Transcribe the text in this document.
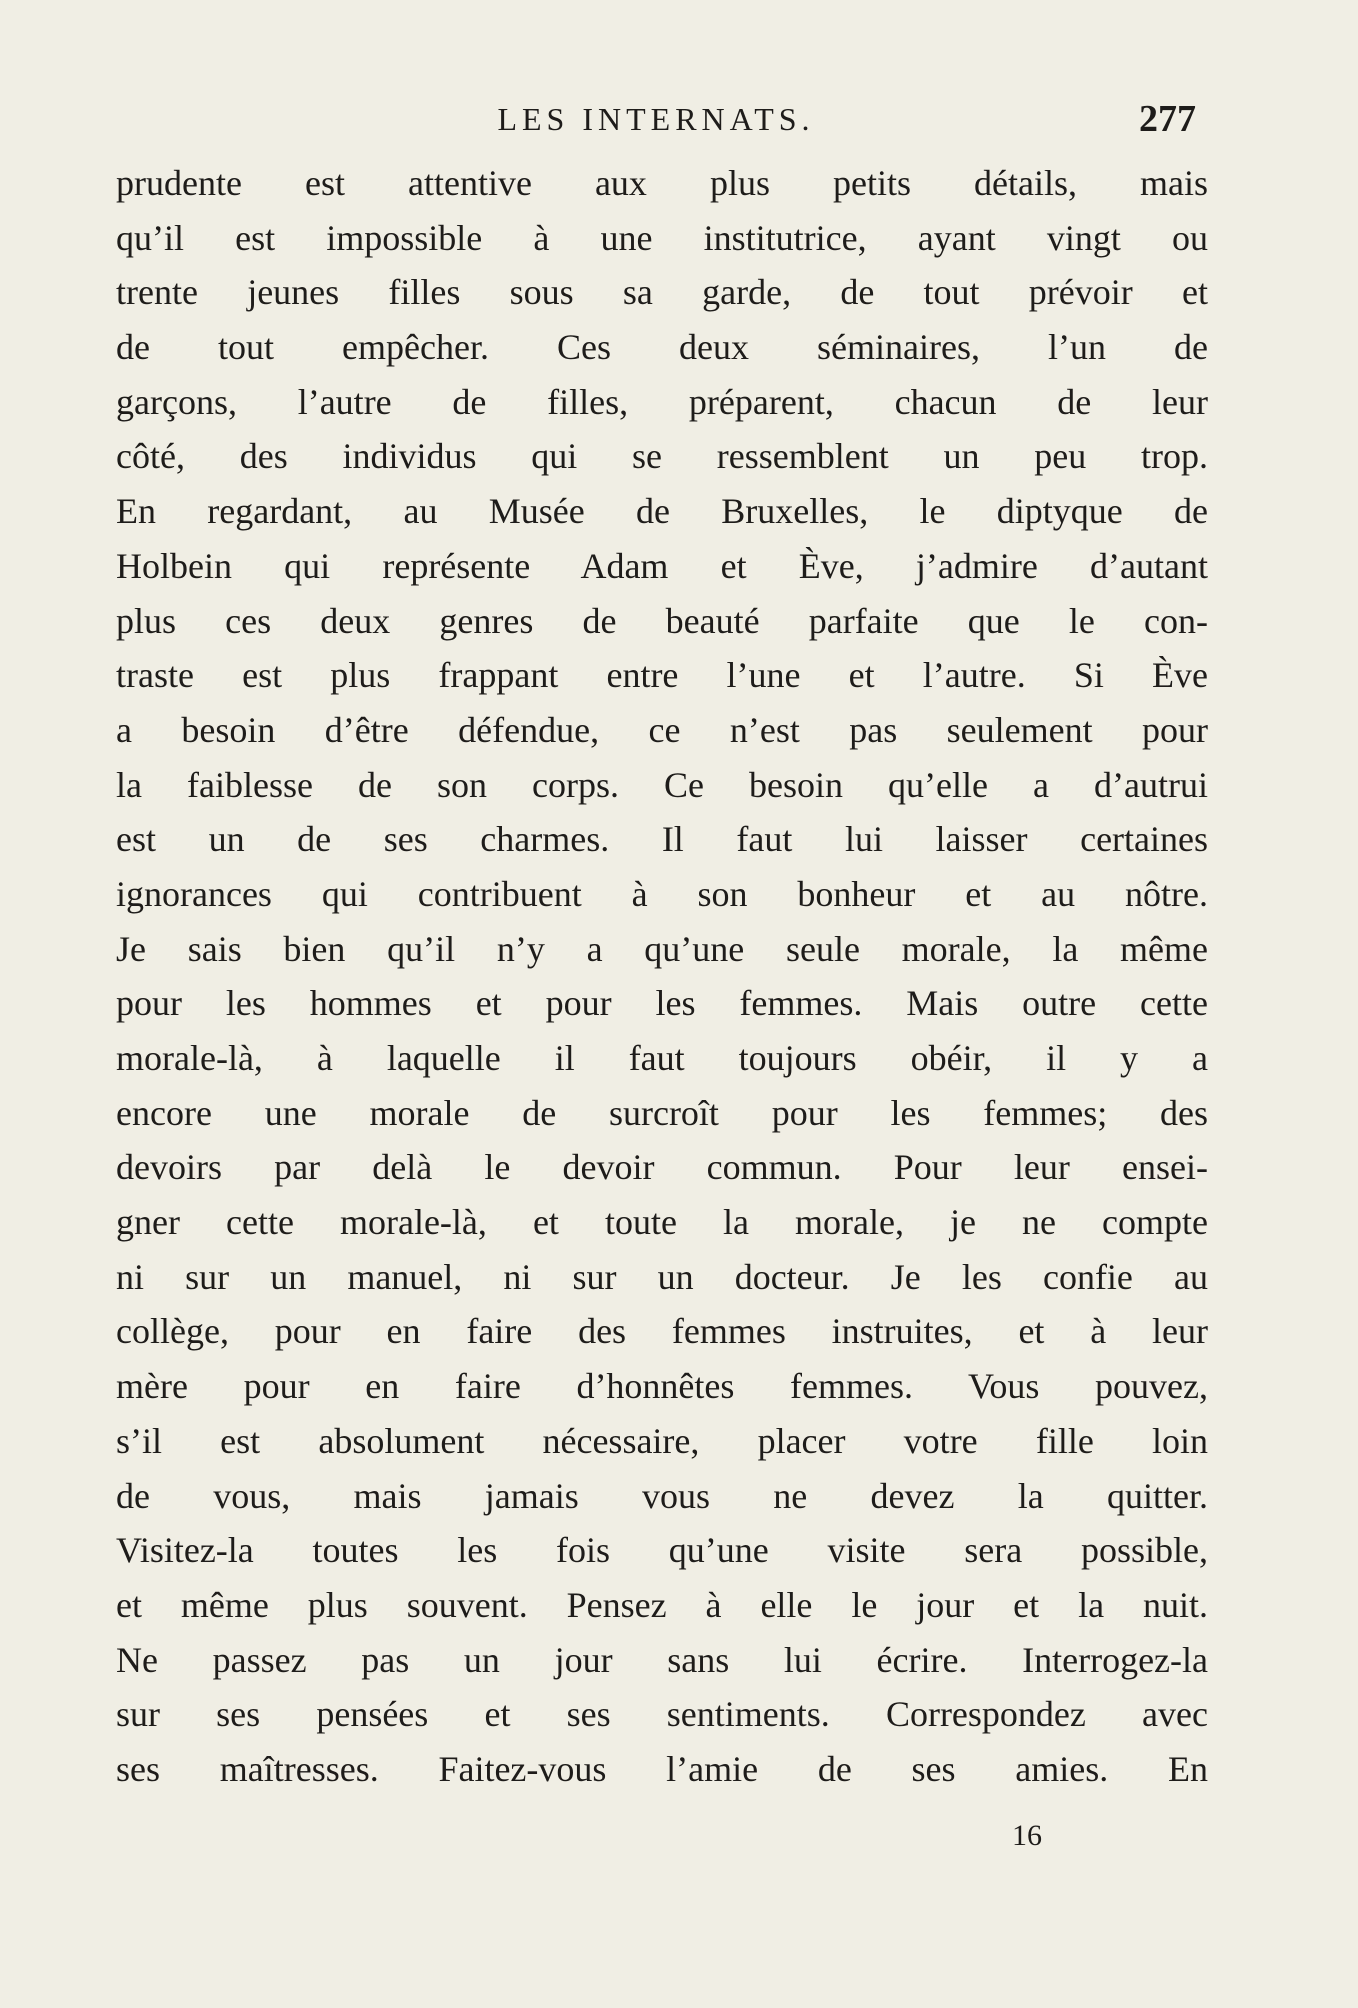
LES INTERNATS.	277
prudente est attentive aux plus petits détails, mais
qu’il est impossible à une institutrice, ayant vingt ou
trente jeunes filles sous sa garde, de tout prévoir et
de tout empêcher. Ces deux séminaires, l’un de
garçons, l’autre de filles, préparent, chacun de leur
côté, des individus qui se ressemblent un peu trop.
En regardant, au Musée de Bruxelles, le diptyque de
Holbein qui représente Adam et Ève, j’admire d’autant
plus ces deux genres de beauté parfaite que le con-
traste est plus frappant entre l’une et l’autre. Si Ève
a besoin d’être défendue, ce n’est pas seulement pour
la faiblesse de son corps. Ce besoin qu’elle a d’autrui
est un de ses charmes. Il faut lui laisser certaines
ignorances qui contribuent à son bonheur et au nôtre.
Je sais bien qu’il n’y a qu’une seule morale, la même
pour les hommes et pour les femmes. Mais outre cette
morale-là, à laquelle il faut toujours obéir, il y a
encore une morale de surcroît pour les femmes; des
devoirs par delà le devoir commun. Pour leur ensei-
gner cette morale-là, et toute la morale, je ne compte
ni sur un manuel, ni sur un docteur. Je les confie au
collège, pour en faire des femmes instruites, et à leur
mère pour en faire d’honnêtes femmes. Vous pouvez,
s’il est absolument nécessaire, placer votre fille loin
de vous, mais jamais vous ne devez la quitter.
Visitez-la toutes les fois qu’une visite sera possible,
et même plus souvent. Pensez à elle le jour et la nuit.
Ne passez pas un jour sans lui écrire. Interrogez-la
sur ses pensées et ses sentiments. Correspondez avec
ses maîtresses. Faitez-vous l’amie de ses amies. En
16
